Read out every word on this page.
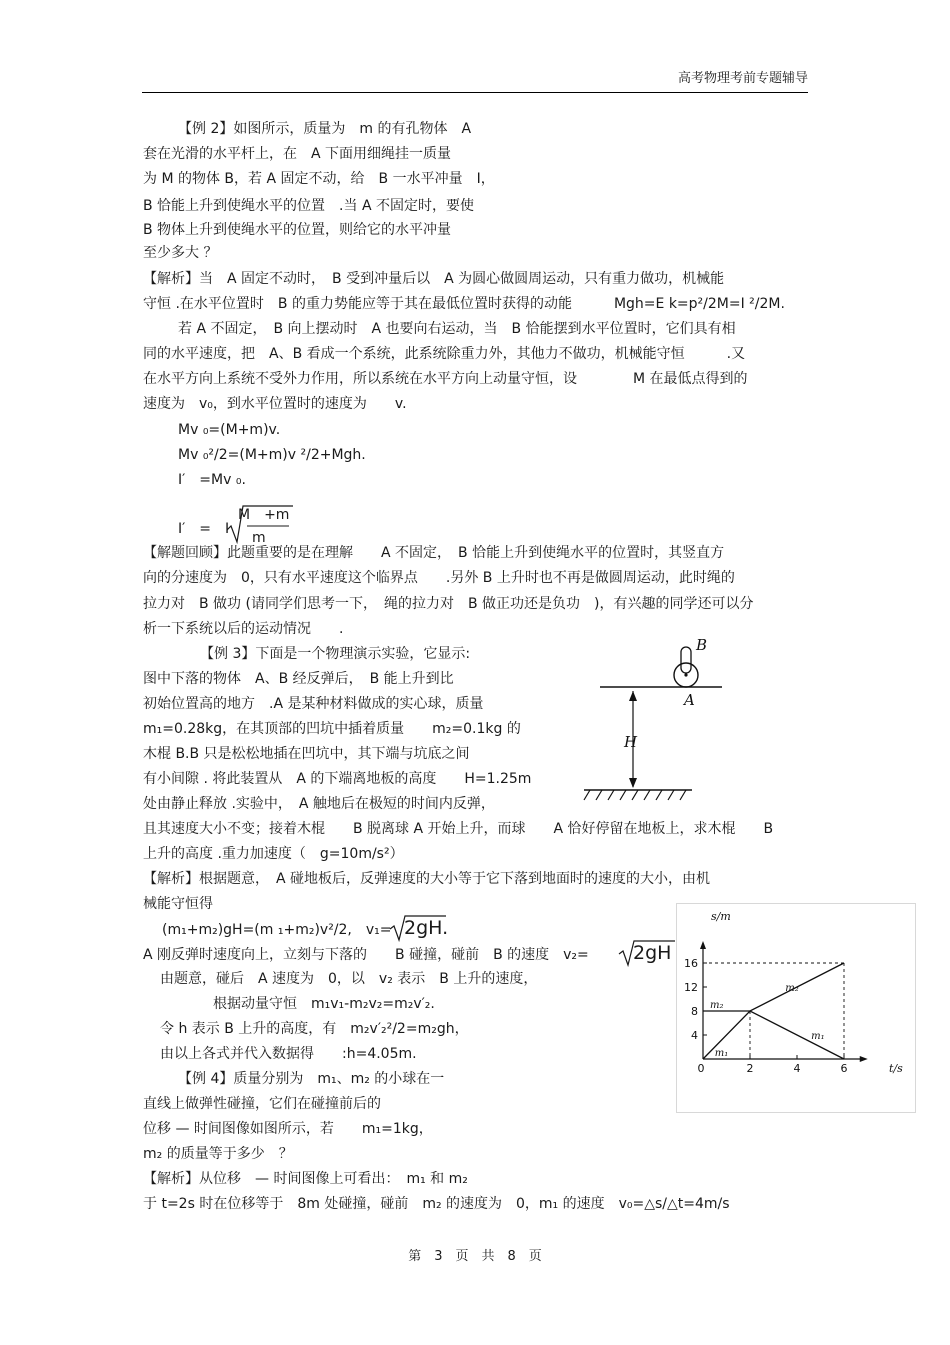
高考物理考前专题辅导
【例 2】如图所示，质量为　m 的有孔物体　A
套在光滑的水平杆上，在　A 下面用细绳挂一质量
为 M 的物体 B，若 A 固定不动，给　B 一水平冲量　I，
B 恰能上升到使绳水平的位置　.当 A 不固定时，要使
B 物体上升到使绳水平的位置，则给它的水平冲量
至少多大 ？
【解析】当　A 固定不动时，　B 受到冲量后以　A 为圆心做圆周运动，只有重力做功，机械能
守恒 .在水平位置时　B 的重力势能应等于其在最低位置时获得的动能　　　Mgh=E k=p²/2M=I ²/2M.
若 A 不固定，　B 向上摆动时　A 也要向右运动，当　B 恰能摆到水平位置时，它们具有相
同的水平速度，把　A、B 看成一个系统，此系统除重力外，其他力不做功，机械能守恒　　　.又
在水平方向上系统不受外力作用，所以系统在水平方向上动量守恒，设　　　　M 在最低点得到的
速度为　v₀，到水平位置时的速度为　　v.
Mv ₀=(M+m)v.
Mv ₀²/2=(M+m)v ²/2+Mgh.
I′　=Mv ₀.
I′　=　I
M　+m
m
【解题回顾】此题重要的是在理解　　A 不固定，　B 恰能上升到使绳水平的位置时，其竖直方
向的分速度为　0，只有水平速度这个临界点　　.另外 B 上升时也不再是做圆周运动，此时绳的
拉力对　B 做功 (请同学们思考一下，　绳的拉力对　B 做正功还是负功　)，有兴趣的同学还可以分
析一下系统以后的运动情况　　.
【例 3】下面是一个物理演示实验，它显示:
图中下落的物体　A、B 经反弹后，　B 能上升到比
初始位置高的地方　.A 是某种材料做成的实心球，质量
m₁=0.28kg，在其顶部的凹坑中插着质量　　m₂=0.1kg 的
木棍 B.B 只是松松地插在凹坑中，其下端与坑底之间
有小间隙 . 将此装置从　A 的下端离地板的高度　　H=1.25m
处由静止释放 .实验中，　A 触地后在极短的时间内反弹，
且其速度大小不变；接着木棍　　B 脱离球 A 开始上升，而球　　A 恰好停留在地板上，求木棍　　B
上升的高度 .重力加速度（　g=10m/s²）
B
A
H
【解析】根据题意，　A 碰地板后，反弹速度的大小等于它下落到地面时的速度的大小，由机
械能守恒得
(m₁+m₂)gH=(m ₁+m₂)v²/2,　v₁= 2gH.
A 刚反弹时速度向上，立刻与下落的　　B 碰撞，碰前　B 的速度　v₂= 2gH
由题意，碰后　A 速度为　0，以　v₂ 表示　B 上升的速度，
根据动量守恒　m₁v₁-m₂v₂=m₂v′₂.
令 h 表示 B 上升的高度，有　m₂v′₂²/2=m₂gh，
由以上各式并代入数据得　　:h=4.05m.
【例 4】质量分别为　m₁、m₂ 的小球在一
直线上做弹性碰撞，它们在碰撞前后的
位移 — 时间图像如图所示，若　　m₁=1kg，
m₂ 的质量等于多少　？
【解析】从位移　— 时间图像上可看出：　m₁ 和 m₂
于 t=2s 时在位移等于　8m 处碰撞，碰前　m₂ 的速度为　0，m₁ 的速度　v₀=△s/△t=4m/s
s/m
t/s
4
8
12
16
0	2	4	6
m₂
m₁
m₂
m₁
第　3　页　共　8　页
